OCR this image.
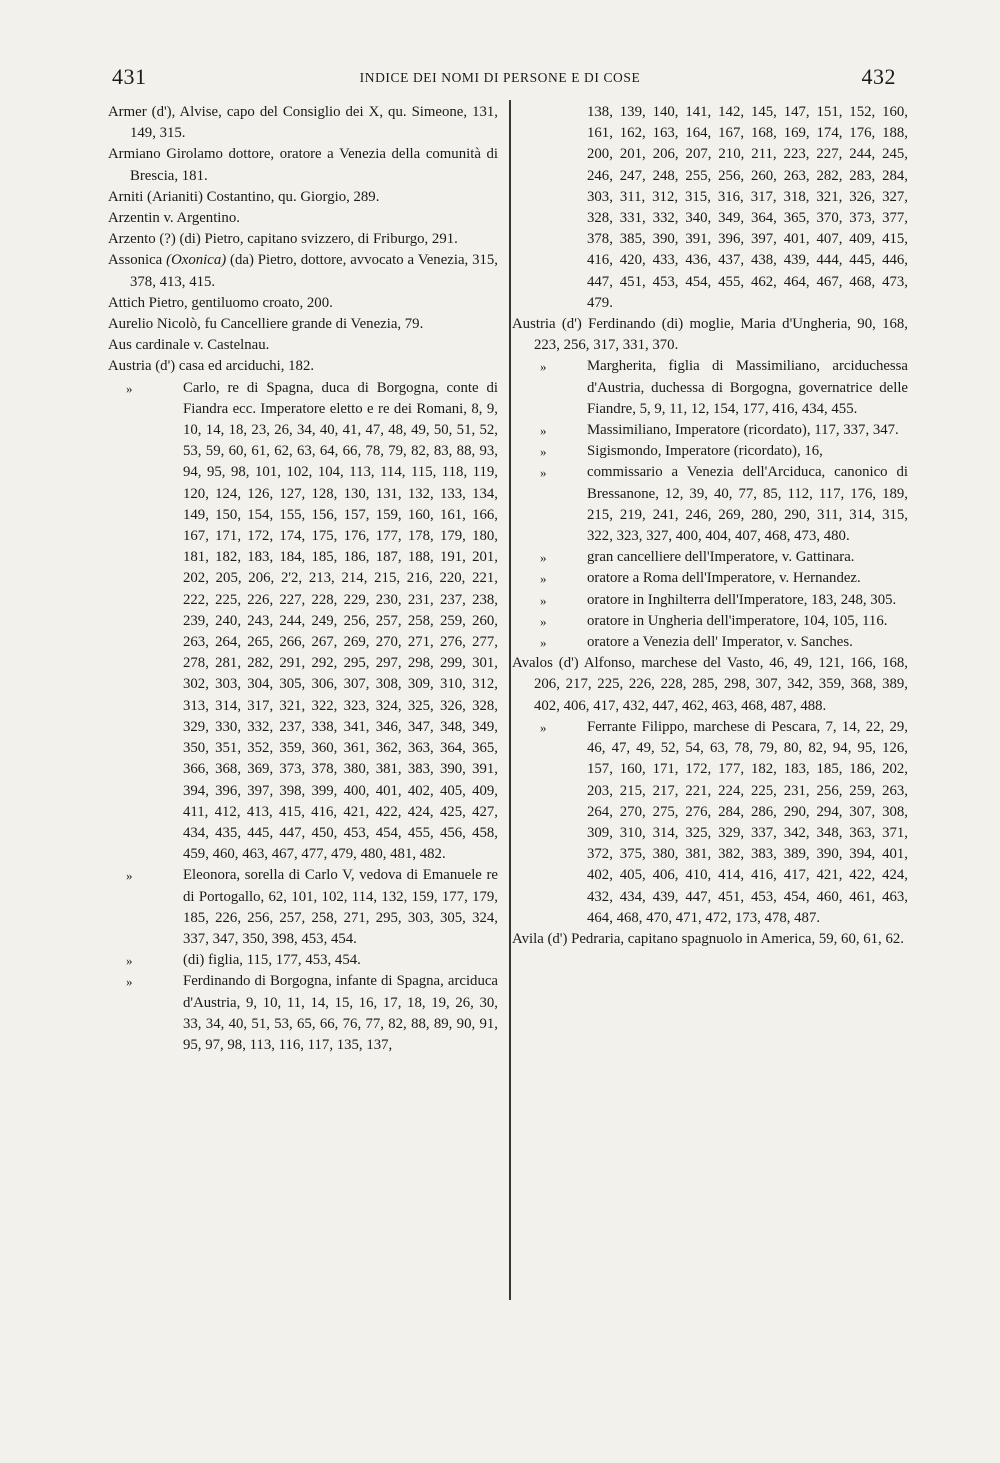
431	INDICE DEI NOMI DI PERSONE E DI COSE	432

Armer (d'), Alvise, capo del Consiglio dei X, qu. Simeone, 131, 149, 315.

Armiano Girolamo dottore, oratore a Venezia della comunità di Brescia, 181.

Arniti (Arianiti) Costantino, qu. Giorgio, 289.

Arzentin v. Argentino.

Arzento (?) (di) Pietro, capitano svizzero, di Friburgo, 291.

Assonica (Oxonica) (da) Pietro, dottore, avvocato a Venezia, 315, 378, 413, 415.

Attich Pietro, gentiluomo croato, 200.

Aurelio Nicolò, fu Cancelliere grande di Venezia, 79.

Aus cardinale v. Castelnau.

Austria (d') casa ed arciduchi, 182.

»	Carlo, re di Spagna, duca di Borgogna, conte di Fiandra ecc. Imperatore eletto e re dei Romani, 8, 9, 10, 14, 18, 23, 26, 34, 40, 41, 47, 48, 49, 50, 51, 52, 53, 59, 60, 61, 62, 63, 64, 66, 78, 79, 82, 83, 88, 93, 94, 95, 98, 101, 102, 104, 113, 114, 115, 118, 119, 120, 124, 126, 127, 128, 130, 131, 132, 133, 134, 149, 150, 154, 155, 156, 157, 159, 160, 161, 166, 167, 171, 172, 174, 175, 176, 177, 178, 179, 180, 181, 182, 183, 184, 185, 186, 187, 188, 191, 201, 202, 205, 206, 2'2, 213, 214, 215, 216, 220, 221, 222, 225, 226, 227, 228, 229, 230, 231, 237, 238, 239, 240, 243, 244, 249, 256, 257, 258, 259, 260, 263, 264, 265, 266, 267, 269, 270, 271, 276, 277, 278, 281, 282, 291, 292, 295, 297, 298, 299, 301, 302, 303, 304, 305, 306, 307, 308, 309, 310, 312, 313, 314, 317, 321, 322, 323, 324, 325, 326, 328, 329, 330, 332, 237, 338, 341, 346, 347, 348, 349, 350, 351, 352, 359, 360, 361, 362, 363, 364, 365, 366, 368, 369, 373, 378, 380, 381, 383, 390, 391, 394, 396, 397, 398, 399, 400, 401, 402, 405, 409, 411, 412, 413, 415, 416, 421, 422, 424, 425, 427, 434, 435, 445, 447, 450, 453, 454, 455, 456, 458, 459, 460, 463, 467, 477, 479, 480, 481, 482.

»	Eleonora, sorella di Carlo V, vedova di Emanuele re di Portogallo, 62, 101, 102, 114, 132, 159, 177, 179, 185, 226, 256, 257, 258, 271, 295, 303, 305, 324, 337, 347, 350, 398, 453, 454.

»	(di) figlia, 115, 177, 453, 454.

»	Ferdinando di Borgogna, infante di Spagna, arciduca d'Austria, 9, 10, 11, 14, 15, 16, 17, 18, 19, 26, 30, 33, 34, 40, 51, 53, 65, 66, 76, 77, 82, 88, 89, 90, 91, 95, 97, 98, 113, 116, 117, 135, 137,

138, 139, 140, 141, 142, 145, 147, 151, 152, 160, 161, 162, 163, 164, 167, 168, 169, 174, 176, 188, 200, 201, 206, 207, 210, 211, 223, 227, 244, 245, 246, 247, 248, 255, 256, 260, 263, 282, 283, 284, 303, 311, 312, 315, 316, 317, 318, 321, 326, 327, 328, 331, 332, 340, 349, 364, 365, 370, 373, 377, 378, 385, 390, 391, 396, 397, 401, 407, 409, 415, 416, 420, 433, 436, 437, 438, 439, 444, 445, 446, 447, 451, 453, 454, 455, 462, 464, 467, 468, 473, 479.

Austria (d') Ferdinando (di) moglie, Maria d'Ungheria, 90, 168, 223, 256, 317, 331, 370.

»	Margherita, figlia di Massimiliano, arciduchessa d'Austria, duchessa di Borgogna, governatrice delle Fiandre, 5, 9, 11, 12, 154, 177, 416, 434, 455.

»	Massimiliano, Imperatore (ricordato), 117, 337, 347.

»	Sigismondo, Imperatore (ricordato), 16,

»	commissario a Venezia dell'Arciduca, canonico di Bressanone, 12, 39, 40, 77, 85, 112, 117, 176, 189, 215, 219, 241, 246, 269, 280, 290, 311, 314, 315, 322, 323, 327, 400, 404, 407, 468, 473, 480.

»	gran cancelliere dell'Imperatore, v. Gattinara.

»	oratore a Roma dell'Imperatore, v. Hernandez.

»	oratore in Inghilterra dell'Imperatore, 183, 248, 305.

»	oratore in Ungheria dell'imperatore, 104, 105, 116.

»	oratore a Venezia dell' Imperator, v. Sanches.

Avalos (d') Alfonso, marchese del Vasto, 46, 49, 121, 166, 168, 206, 217, 225, 226, 228, 285, 298, 307, 342, 359, 368, 389, 402, 406, 417, 432, 447, 462, 463, 468, 487, 488.

»	Ferrante Filippo, marchese di Pescara, 7, 14, 22, 29, 46, 47, 49, 52, 54, 63, 78, 79, 80, 82, 94, 95, 126, 157, 160, 171, 172, 177, 182, 183, 185, 186, 202, 203, 215, 217, 221, 224, 225, 231, 256, 259, 263, 264, 270, 275, 276, 284, 286, 290, 294, 307, 308, 309, 310, 314, 325, 329, 337, 342, 348, 363, 371, 372, 375, 380, 381, 382, 383, 389, 390, 394, 401, 402, 405, 406, 410, 414, 416, 417, 421, 422, 424, 432, 434, 439, 447, 451, 453, 454, 460, 461, 463, 464, 468, 470, 471, 472, 173, 478, 487.

Avila (d') Pedraria, capitano spagnuolo in America, 59, 60, 61, 62.
